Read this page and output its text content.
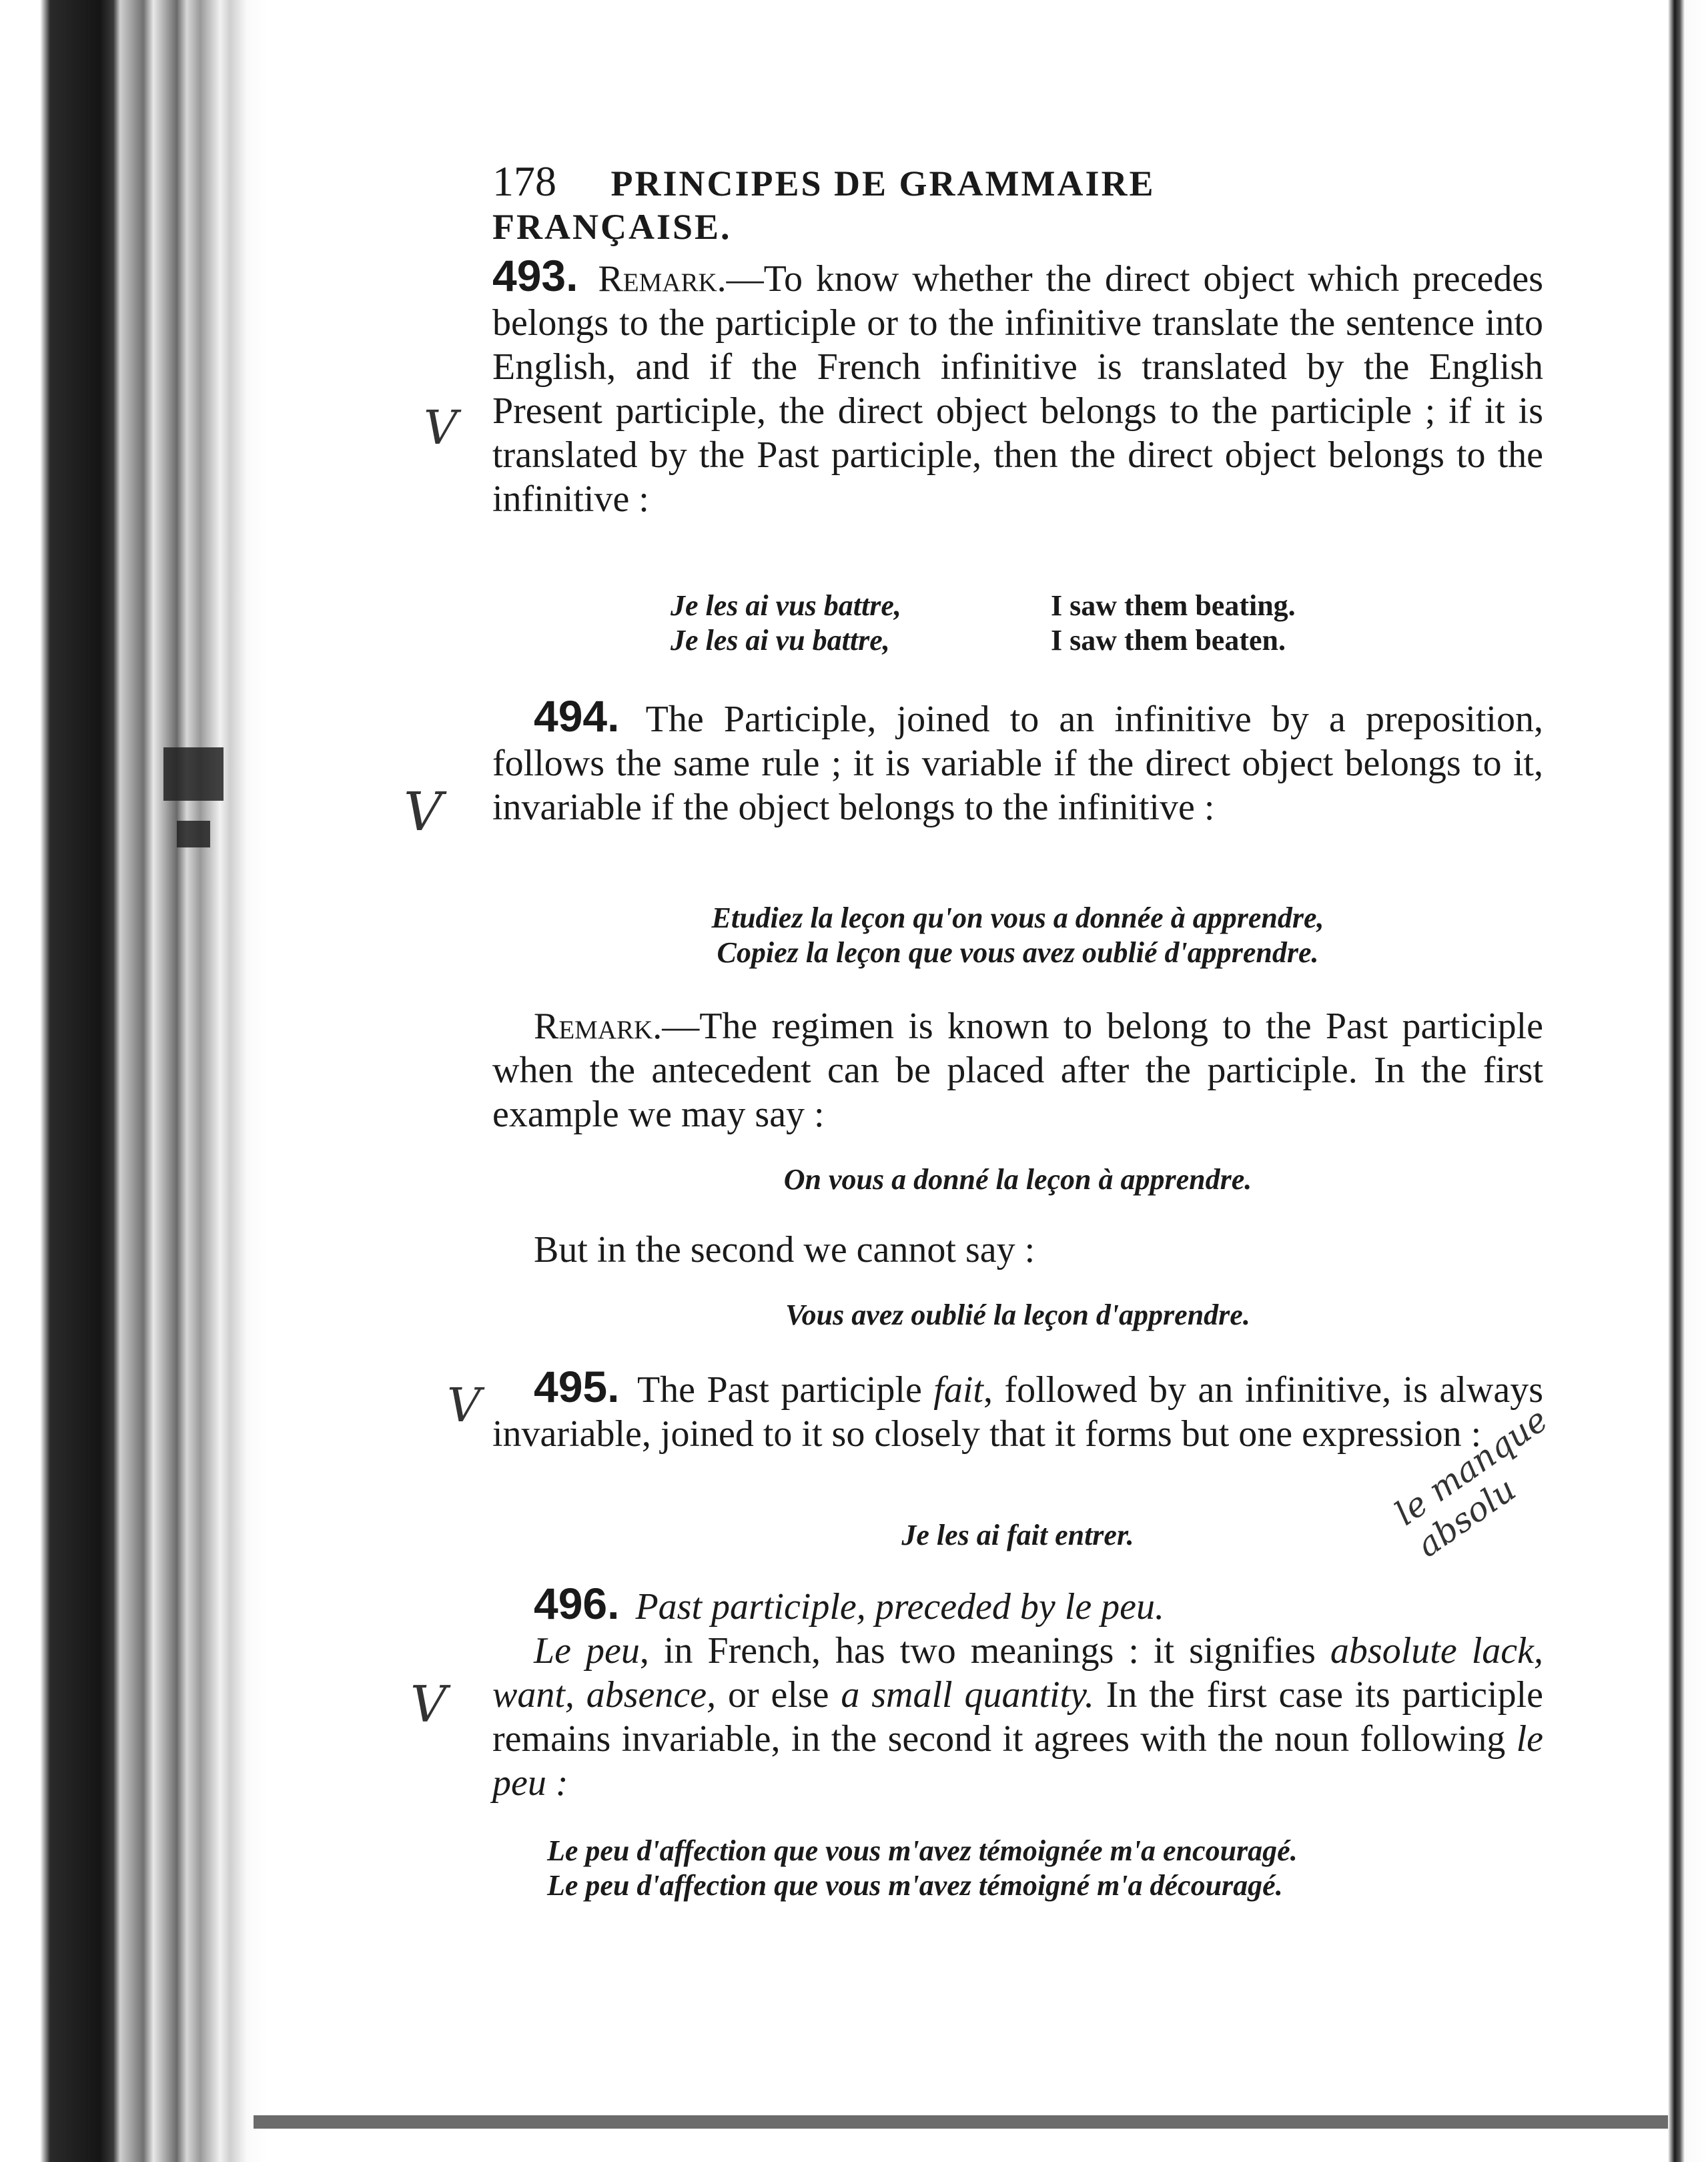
178 PRINCIPES DE GRAMMAIRE FRANÇAISE.
493. Remark.—To know whether the direct object which precedes belongs to the participle or to the infinitive translate the sentence into English, and if the French infinitive is translated by the English Present participle, the direct object belongs to the participle ; if it is translated by the Past participle, then the direct object belongs to the infinitive :
Je les ai vus battre,	I saw them beating.
Je les ai vu battre,	I saw them beaten.
494. The Participle, joined to an infinitive by a preposition, follows the same rule ; it is variable if the direct object belongs to it, invariable if the object belongs to the infinitive :
Etudiez la leçon qu'on vous a donnée à apprendre,
Copiez la leçon que vous avez oublié d'apprendre.
Remark.—The regimen is known to belong to the Past participle when the antecedent can be placed after the participle. In the first example we may say :
On vous a donné la leçon à apprendre.
But in the second we cannot say :
Vous avez oublié la leçon d'apprendre.
495. The Past participle fait, followed by an infinitive, is always invariable, joined to it so closely that it forms but one expression :
Je les ai fait entrer.
496. Past participle, preceded by le peu.
Le peu, in French, has two meanings : it signifies absolute lack, want, absence, or else a small quantity. In the first case its participle remains invariable, in the second it agrees with the noun following le peu :
Le peu d'affection que vous m'avez témoignée m'a encouragé.
Le peu d'affection que vous m'avez témoigné m'a découragé.
V
V
V
V
le manque absolu
